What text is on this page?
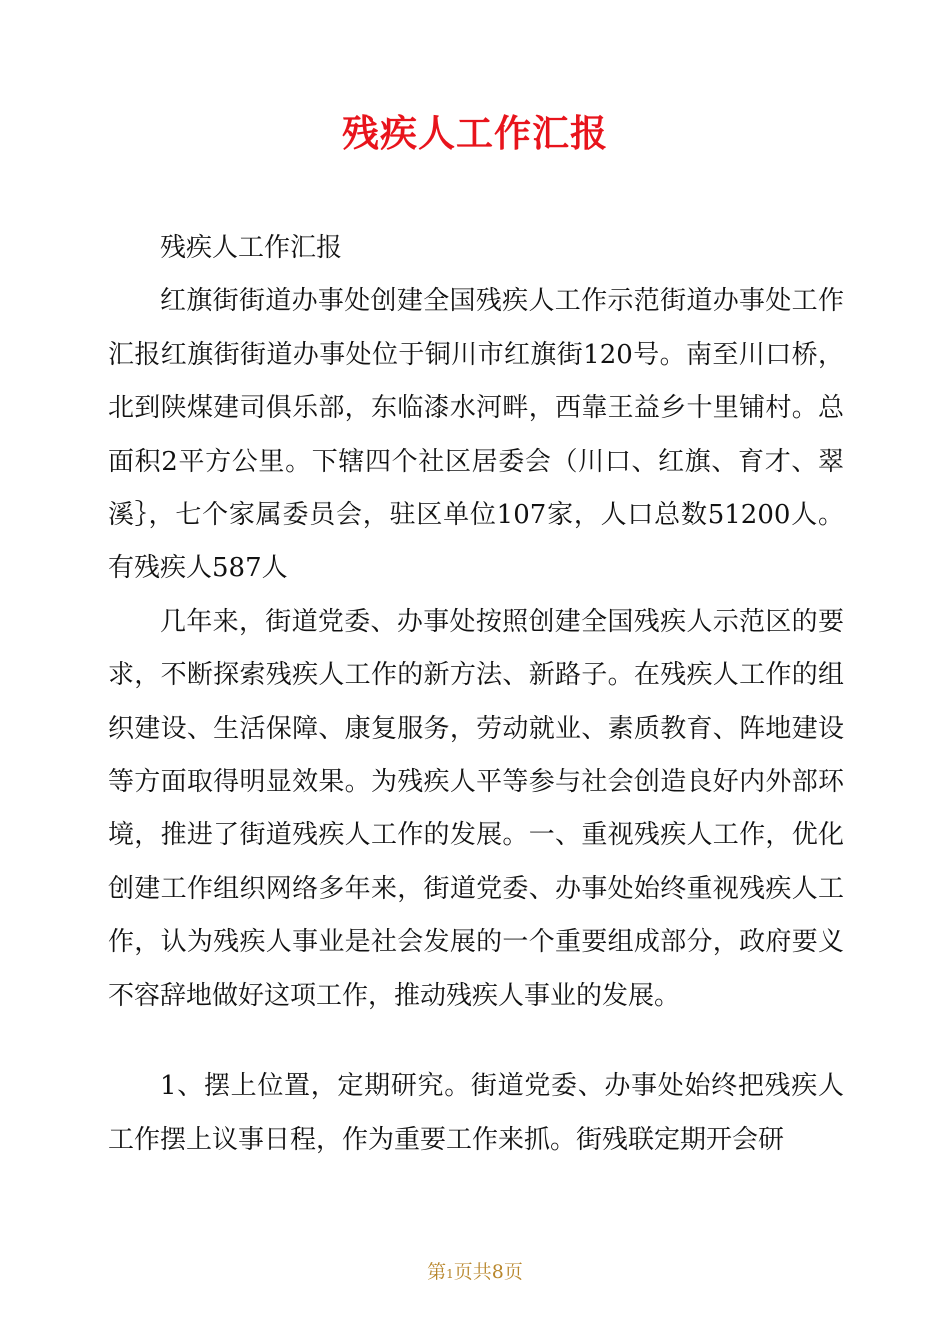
残疾人工作汇报

残疾人工作汇报

红旗街街道办事处创建全国残疾人工作示范街道办事处工作汇报红旗街街道办事处位于铜川市红旗街120号。南至川口桥，北到陕煤建司俱乐部，东临漆水河畔，西靠王益乡十里铺村。总面积2平方公里。下辖四个社区居委会（川口、红旗、育才、翠溪｝，七个家属委员会，驻区单位107家，人口总数51200人。有残疾人587人

几年来，街道党委、办事处按照创建全国残疾人示范区的要求，不断探索残疾人工作的新方法、新路子。在残疾人工作的组织建设、生活保障、康复服务，劳动就业、素质教育、阵地建设等方面取得明显效果。为残疾人平等参与社会创造良好内外部环境，推进了街道残疾人工作的发展。一、重视残疾人工作，优化创建工作组织网络多年来，街道党委、办事处始终重视残疾人工作，认为残疾人事业是社会发展的一个重要组成部分，政府要义不容辞地做好这项工作，推动残疾人事业的发展。

1、摆上位置，定期研究。街道党委、办事处始终把残疾人工作摆上议事日程，作为重要工作来抓。街残联定期开会研

第1页共8页
